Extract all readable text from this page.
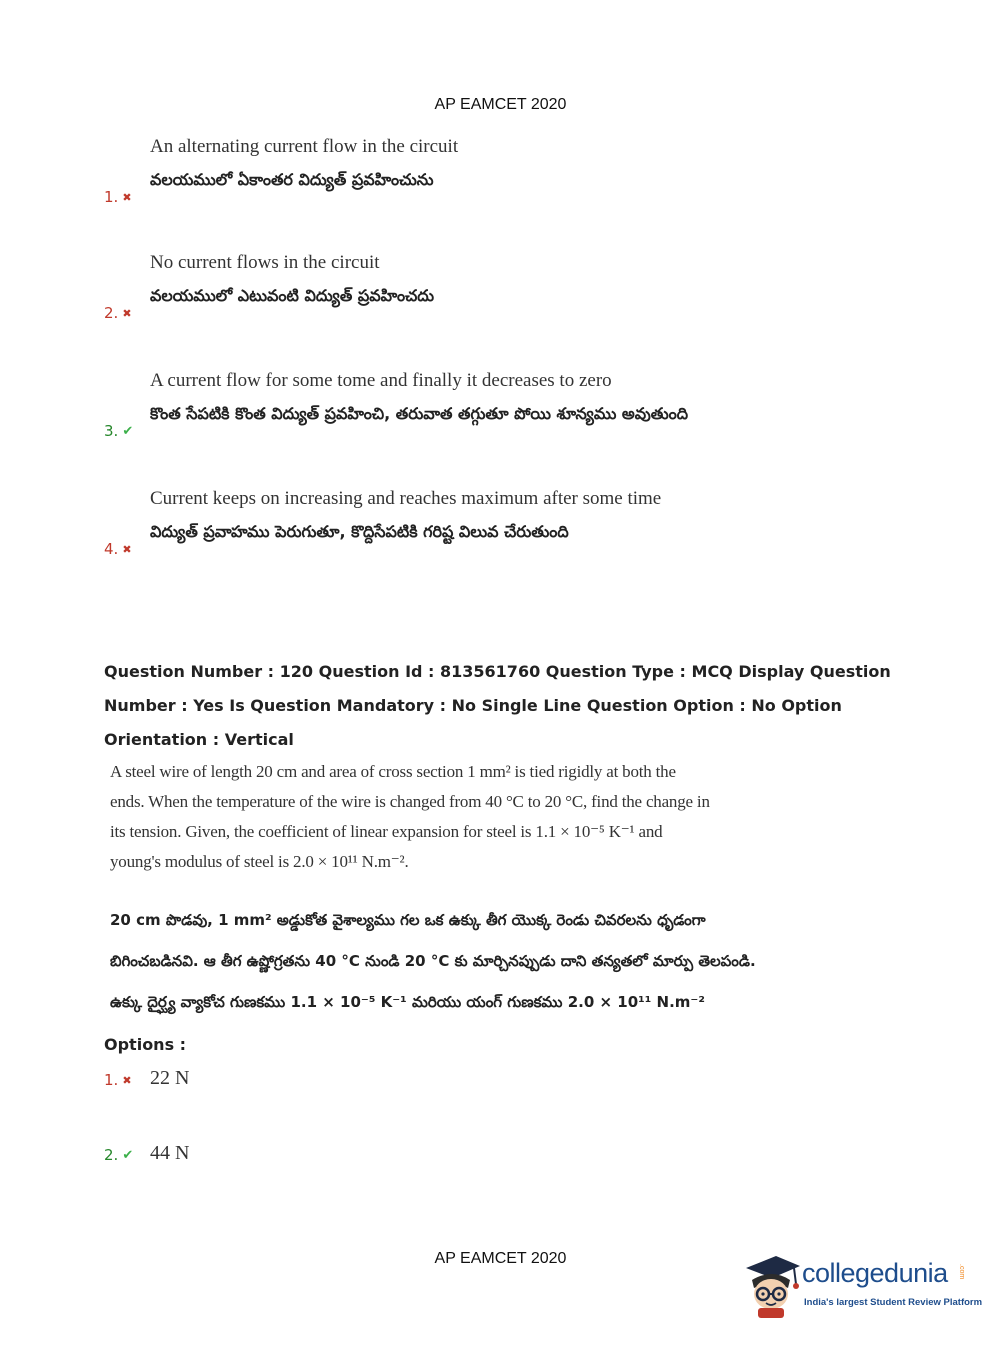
AP EAMCET 2020
An alternating current flow in the circuit
వలయములో ఏకాంతర విద్యుత్ ప్రవహించును
1. ✖
No current flows in the circuit
వలయములో ఎటువంటి విద్యుత్ ప్రవహించదు
2. ✖
A current flow for some tome and finally it decreases to zero
కొంత సేపటికి కొంత విద్యుత్ ప్రవహించి, తరువాత తగ్గుతూ పోయి శూన్యము అవుతుంది
3. ✔
Current keeps on increasing and reaches maximum after some time
విద్యుత్ ప్రవాహము పెరుగుతూ, కొద్దిసేపటికి గరిష్ట విలువ చేరుతుంది
4. ✖
Question Number : 120 Question Id : 813561760 Question Type : MCQ Display Question Number : Yes Is Question Mandatory : No Single Line Question Option : No Option Orientation : Vertical

A steel wire of length 20 cm and area of cross section 1 mm² is tied rigidly at both the

ends. When the temperature of the wire is changed from 40 °C to 20 °C, find the change in

its tension. Given, the coefficient of linear expansion for steel is 1.1 × 10⁻⁵ K⁻¹ and

young's modulus of steel is 2.0 × 10¹¹ N.m⁻².

20 cm పొడవు, 1 mm² అడ్డుకోత వైశాల్యము గల ఒక ఉక్కు తీగ యొక్క రెండు చివరలను ధృడంగా

బిగించబడినవి. ఆ తీగ ఉష్ణోగ్రతను 40 °C నుండి 20 °C కు మార్చినప్పుడు దాని తన్యతలో మార్పు తెలపండి.

ఉక్కు దైర్ఘ్య వ్యాకోచ గుణకము 1.1 × 10⁻⁵ K⁻¹ మరియు యంగ్ గుణకము 2.0 × 10¹¹ N.m⁻²

Options :
1. ✖ 22 N
2. ✔ 44 N
AP EAMCET 2020	collegedunia .com
India's largest Student Review Platform
